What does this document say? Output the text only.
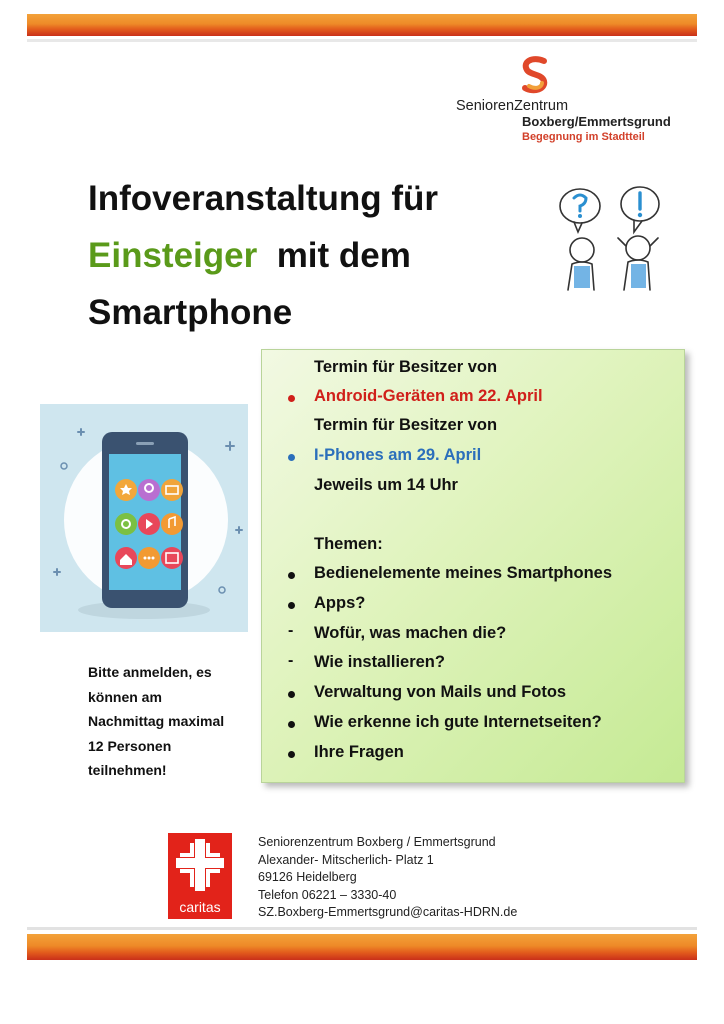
SeniorenZentrum
Boxberg/Emmertsgrund
Begegnung im Stadtteil
Infoveranstaltung für
Einsteiger mit dem
Smartphone
Termin für Besitzer von
Android-Geräten am 22. April
Termin für Besitzer von
I-Phones am 29. April
Jeweils um 14 Uhr
Themen:
Bedienelemente meines Smartphones
Apps?
- Wofür, was machen die?
- Wie installieren?
Verwaltung von Mails und Fotos
Wie erkenne ich gute Internetseiten?
Ihre Fragen
Bitte anmelden, es
können am
Nachmittag maximal
12 Personen
teilnehmen!
caritas
Seniorenzentrum Boxberg / Emmertsgrund
Alexander- Mitscherlich- Platz 1
69126 Heidelberg
Telefon 06221 – 3330-40
SZ.Boxberg-Emmertsgrund@caritas-HDRN.de
